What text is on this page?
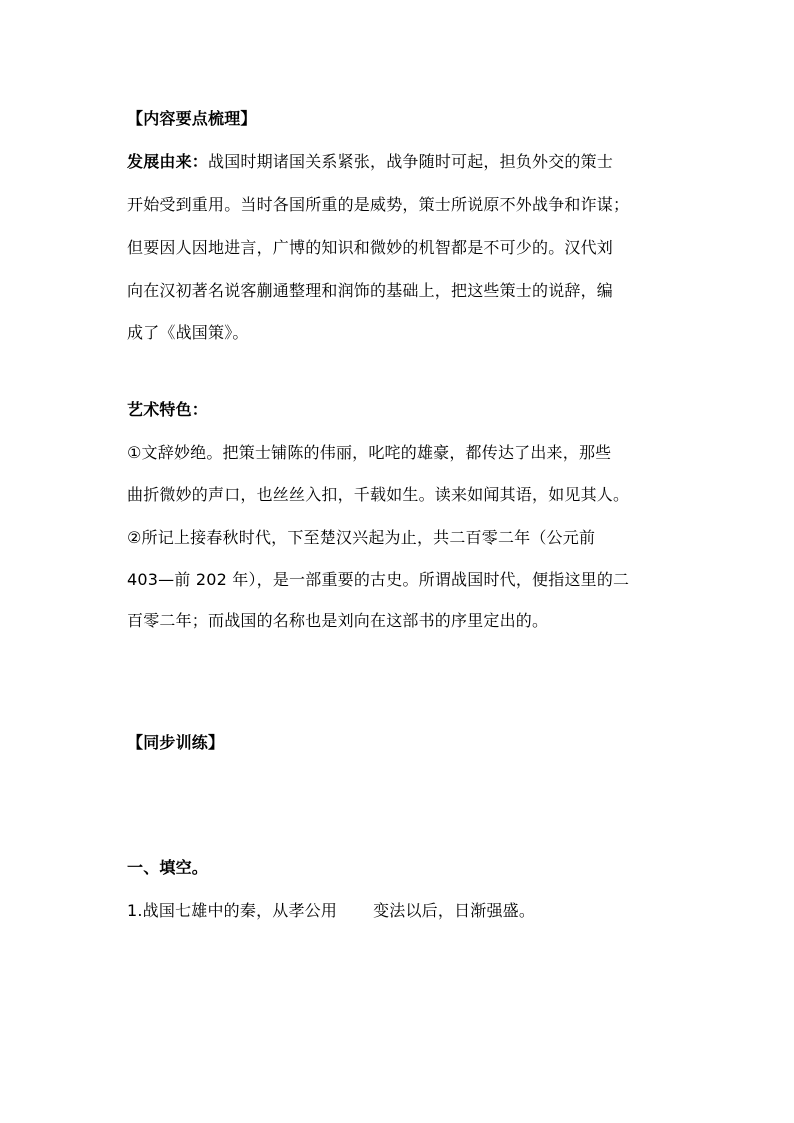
【内容要点梳理】
发展由来：战国时期诸国关系紧张，战争随时可起，担负外交的策士
开始受到重用。当时各国所重的是威势，策士所说原不外战争和诈谋；
但要因人因地进言，广博的知识和微妙的机智都是不可少的。汉代刘
向在汉初著名说客蒯通整理和润饰的基础上，把这些策士的说辞，编
成了《战国策》。
艺术特色：
①文辞妙绝。把策士铺陈的伟丽，叱咤的雄豪，都传达了出来，那些
曲折微妙的声口，也丝丝入扣，千载如生。读来如闻其语，如见其人。
②所记上接春秋时代，下至楚汉兴起为止，共二百零二年（公元前
403—前 202 年），是一部重要的古史。所谓战国时代，便指这里的二
百零二年；而战国的名称也是刘向在这部书的序里定出的。
【同步训练】
一、填空。
1.战国七雄中的秦，从孝公用 变法以后，日渐强盛。
